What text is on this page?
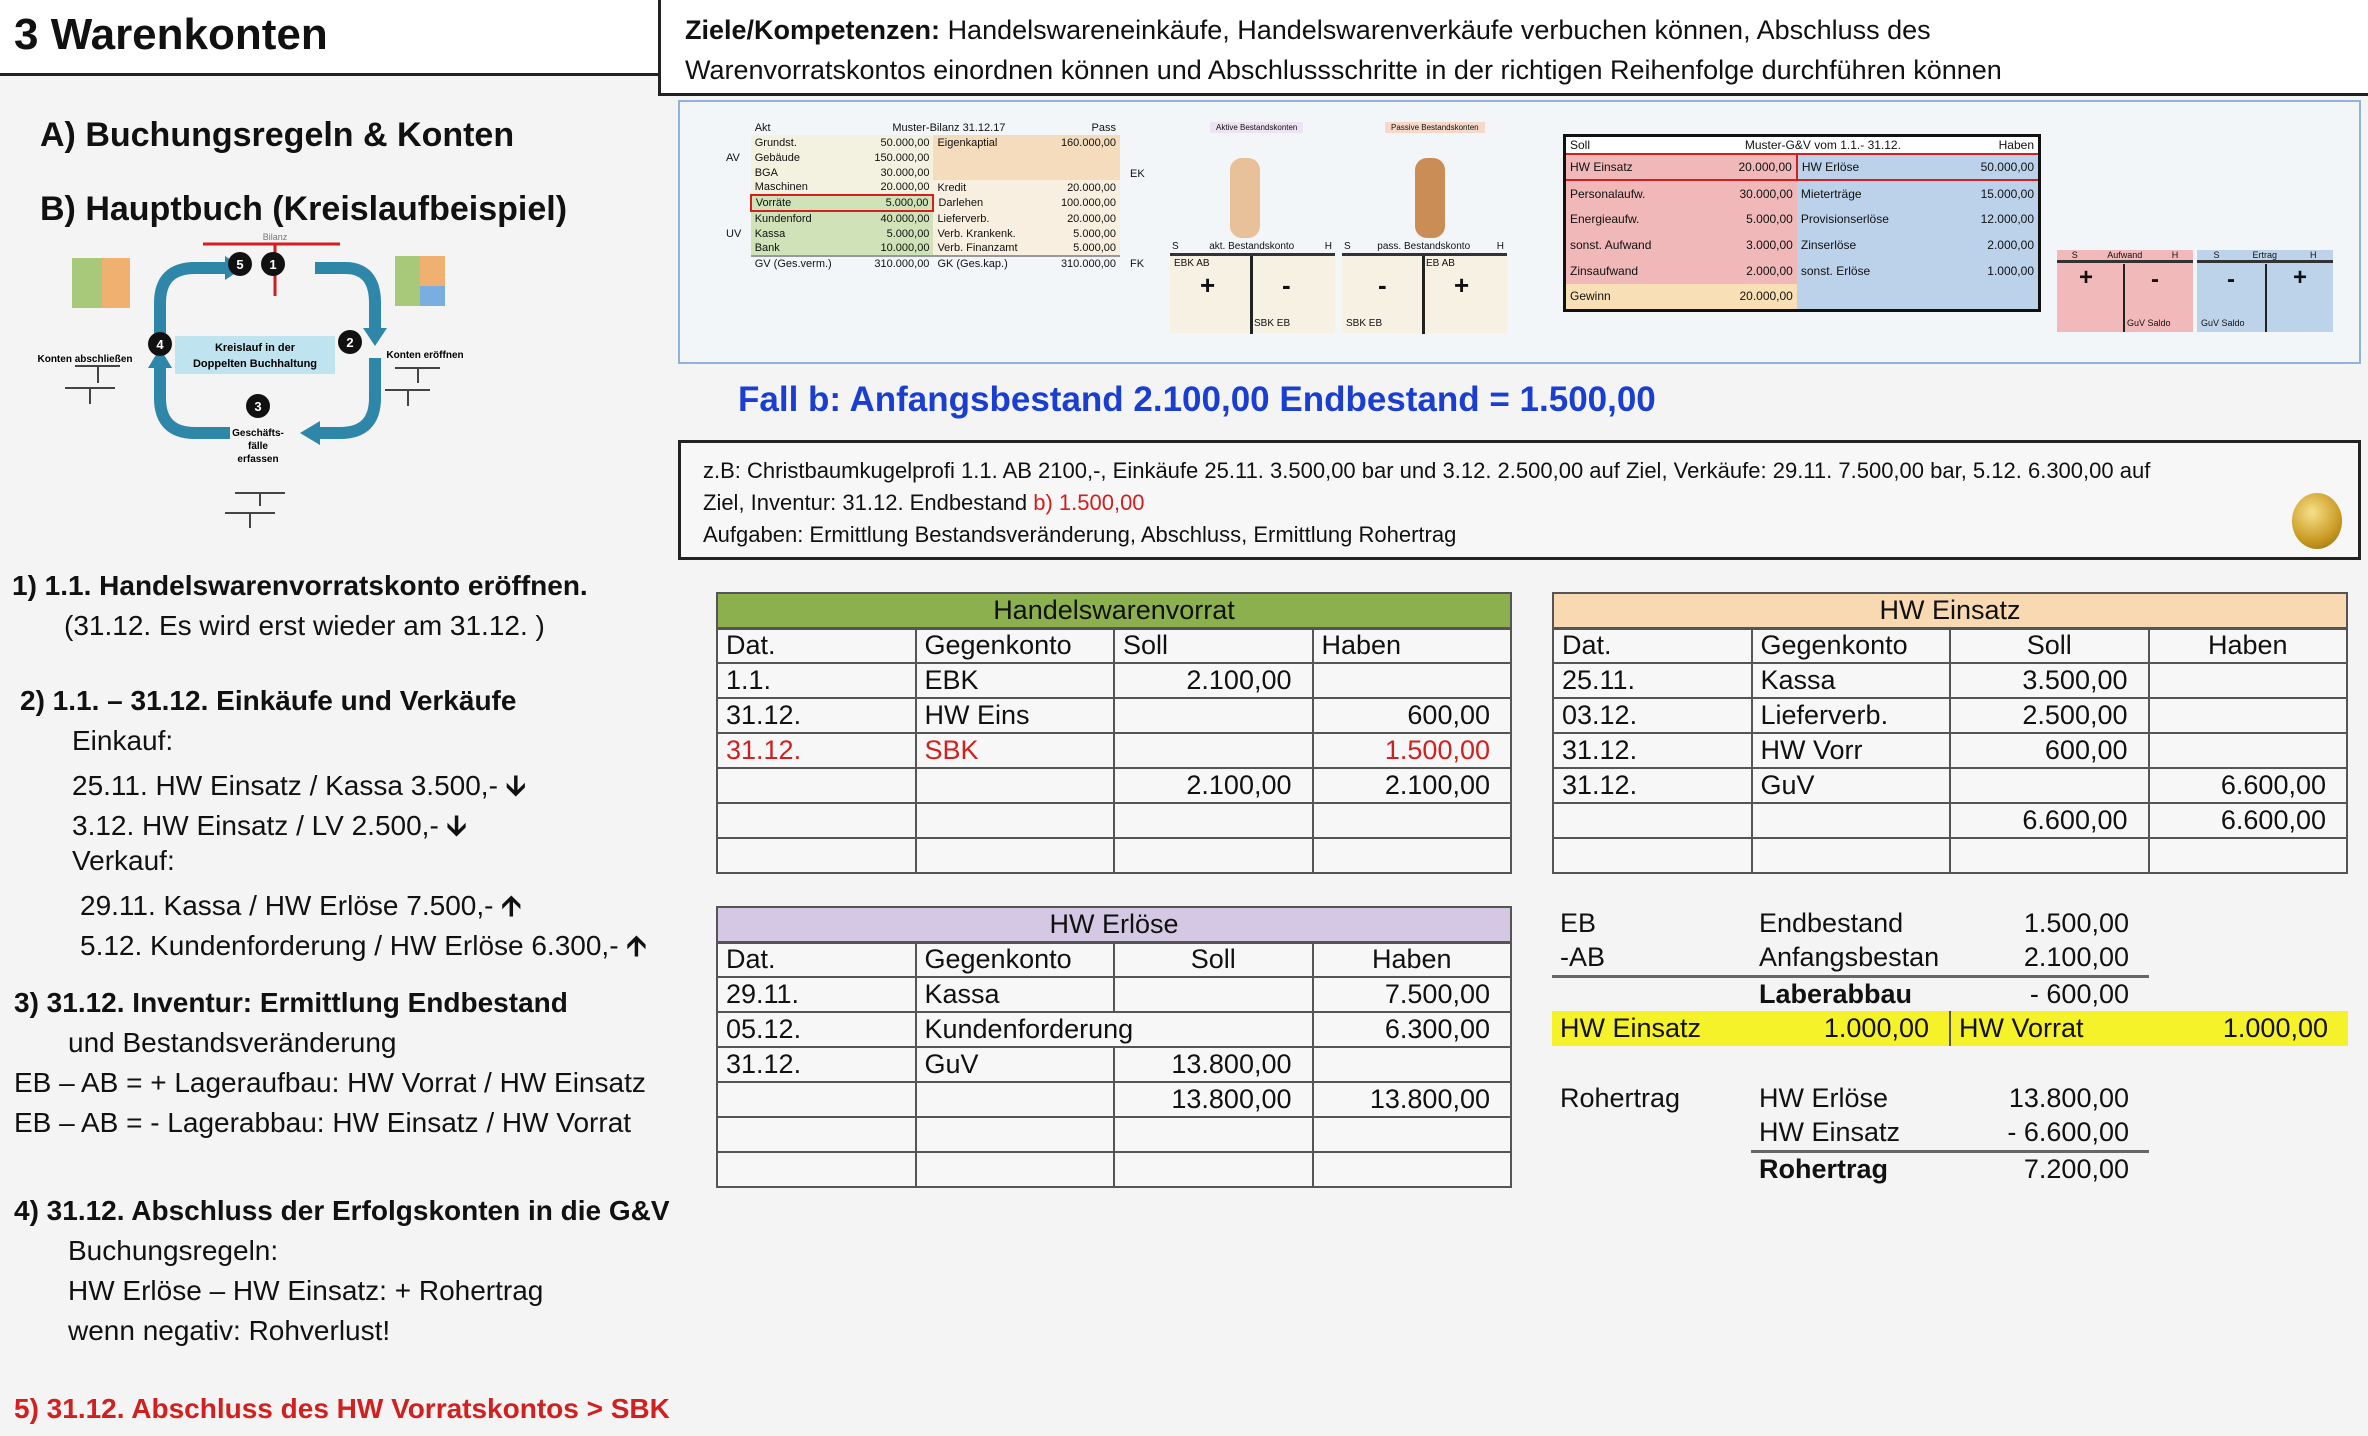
3 Warenkonten	Ziele/Kompetenzen: Handelswareneinkäufe, Handelswarenverkäufe verbuchen können, Abschluss des
Warenvorratskontos einordnen können und Abschlussschritte in der richtigen Reihenfolge durchführen können
A) Buchungsregeln & Konten
B) Hauptbuch (Kreislaufbeispiel)
Bilanz
Kreislauf in der
Doppelten Buchhaltung
5 1
2
3
4
Konten abschließen	Konten eröffnen
Geschäfts-
fälle
erfassen
1) 1.1. Handelswarenvorratskonto eröffnen.
(31.12. Es wird erst wieder am 31.12. )
2) 1.1. – 31.12. Einkäufe und Verkäufe
Einkauf:
25.11. HW Einsatz / Kassa 3.500,- 🡫
3.12. HW Einsatz / LV 2.500,- 🡫
Verkauf:
29.11. Kassa / HW Erlöse 7.500,- 🡩
5.12. Kundenforderung / HW Erlöse 6.300,- 🡩
3) 31.12. Inventur: Ermittlung Endbestand
und Bestandsveränderung
EB – AB = + Lageraufbau: HW Vorrat / HW Einsatz
EB – AB = - Lagerabbau: HW Einsatz / HW Vorrat
4) 31.12. Abschluss der Erfolgskonten in die G&V
Buchungsregeln:
HW Erlöse – HW Einsatz: + Rohertrag
wenn negativ: Rohverlust!
5) 31.12. Abschluss des HW Vorratskontos > SBK
	Akt	Muster-Bilanz 31.12.17		Pass
	Grundst.	50.000,00	Eigenkaptial	160.000,00
AV	Gebäude	150.000,00		
	BGA	30.000,00		
	Maschinen	20.000,00	Kredit	20.000,00
	Vorräte	5.000,00	Darlehen	100.000,00
	Kundenford	40.000,00	Lieferverb.	20.000,00
UV	Kassa	5.000,00	Verb. Krankenk.	5.000,00
	Bank	10.000,00	Verb. Finanzamt	5.000,00
	GV (Ges.verm.)	310.000,00	GK (Ges.kap.)	310.000,00
EK
FK
Aktive Bestandskonten	Passive Bestandskonten
S	akt. Bestandskonto	H
EBK AB
+	-
SBK EB
S	pass. Bestandskonto	H
EB AB
-	+
SBK EB
Soll	Muster-G&V vom 1.1.- 31.12.		Haben
HW Einsatz	20.000,00	HW Erlöse	50.000,00
Personalaufw.	30.000,00	Mieterträge	15.000,00
Energieaufw.	5.000,00	Provisionserlöse	12.000,00
sonst. Aufwand	3.000,00	Zinserlöse	2.000,00
Zinsaufwand	2.000,00	sonst. Erlöse	1.000,00
Gewinn	20.000,00		
S	Aufwand	H
+ -
GuV Saldo
S	Ertrag	H
- +
GuV Saldo
Fall b: Anfangsbestand 2.100,00 Endbestand = 1.500,00
z.B: Christbaumkugelprofi 1.1. AB 2100,-, Einkäufe 25.11. 3.500,00 bar und 3.12. 2.500,00 auf Ziel, Verkäufe: 29.11. 7.500,00 bar, 5.12. 6.300,00 auf
Ziel, Inventur: 31.12. Endbestand b) 1.500,00
Aufgaben: Ermittlung Bestandsveränderung, Abschluss, Ermittlung Rohertrag
Handelswarenvorrat			
Dat.	Gegenkonto	Soll	Haben
1.1.	EBK	2.100,00	
31.12.	HW Eins		600,00
31.12.	SBK		1.500,00
		2.100,00	2.100,00

HW Einsatz			
Dat.	Gegenkonto	Soll	Haben
25.11.	Kassa	3.500,00	
03.12.	Lieferverb.	2.500,00	
31.12.	HW Vorr	600,00	
31.12.	GuV		6.600,00
		6.600,00	6.600,00

HW Erlöse			
Dat.	Gegenkonto	Soll	Haben
29.11.	Kassa		7.500,00
05.12.	Kundenforderung		6.300,00
31.12.	GuV	13.800,00	
		13.800,00	13.800,00

EB	Endbestand	1.500,00	
-AB	Anfangsbestan	2.100,00	
	Laberabbau	- 600,00	
HW Einsatz	1.000,00	HW Vorrat	1.000,00

Rohertrag	HW Erlöse	13.800,00	
	HW Einsatz	- 6.600,00	
	Rohertrag	7.200,00	
